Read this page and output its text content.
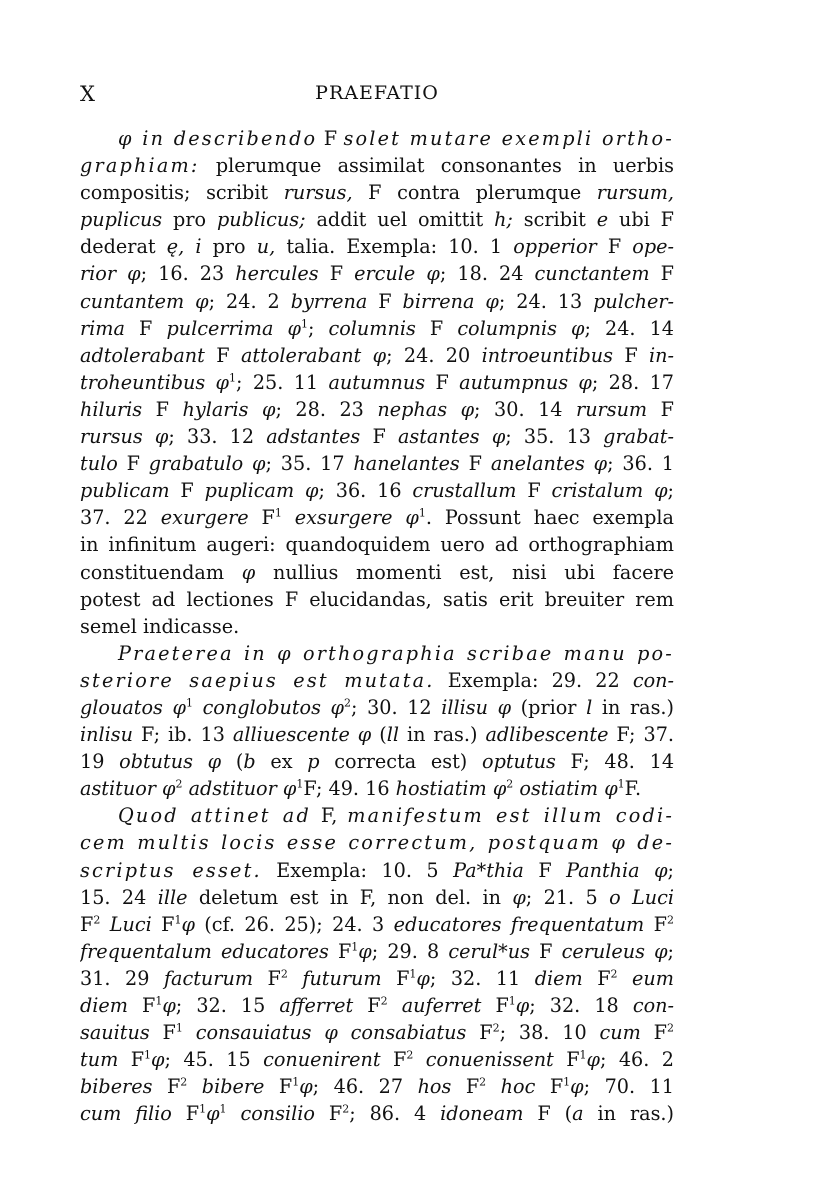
X	PRAEFATIO
φ in describendo F solet mutare exempli ortho-
graphiam: plerumque assimilat consonantes in uerbis
compositis; scribit rursus, F contra plerumque rursum,
puplicus pro publicus; addit uel omittit h; scribit e ubi F
dederat ę, i pro u, talia. Exempla: 10. 1 opperior F ope-
rior φ; 16. 23 hercules F ercule φ; 18. 24 cunctantem F
cuntantem φ; 24. 2 byrrena F birrena φ; 24. 13 pulcher-
rima F pulcerrima $\varphi^1$; columnis F columpnis φ; 24. 14
adtolerabant F attolerabant φ; 24. 20 introeuntibus F in-
troheuntibus $\varphi^1$; 25. 11 autumnus F autumpnus φ; 28. 17
hiluris F hylaris φ; 28. 23 nephas φ; 30. 14 rursum F
rursus φ; 33. 12 adstantes F astantes φ; 35. 13 grabat-
tulo F grabatulo φ; 35. 17 hanelantes F anelantes φ; 36. 1
publicam F puplicam φ; 36. 16 crustallum F cristalum φ;
37. 22 exurgere $F^1$ exsurgere $\varphi^1$. Possunt haec exempla
in infinitum augeri: quandoquidem uero ad orthographiam
constituendam φ nullius momenti est, nisi ubi facere
potest ad lectiones F elucidandas, satis erit breuiter rem
semel indicasse.
Praeterea in φ orthographia scribae manu po-
steriore saepius est mutata. Exempla: 29. 22 con-
glouatos $\varphi^1$ conglobutos $\varphi^2$; 30. 12 illisu φ (prior l in ras.)
inlisu F; ib. 13 alliuescente φ (ll in ras.) adlibescente F; 37.
19 obtutus φ (b ex p correcta est) optutus F; 48. 14
astituor $\varphi^2$ adstituor $\varphi^1F$; 49. 16 hostiatim $\varphi^2$ ostiatim $\varphi^1F$.
Quod attinet ad F, manifestum est illum codi-
cem multis locis esse correctum, postquam φ de-
scriptus esset. Exempla: 10. 5 Pa*thia F Panthia φ;
15. 24 ille deletum est in F, non del. in φ; 21. 5 o Luci
$F^2$ Luci $F^1\varphi$ (cf. 26. 25); 24. 3 educatores frequentatum $F^2$
frequentalum educatores $F^1\varphi$; 29. 8 cerul*us F ceruleus φ;
31. 29 facturum $F^2$ futurum $F^1\varphi$; 32. 11 diem $F^2$ eum
diem $F^1\varphi$; 32. 15 afferret $F^2$ auferret $F^1\varphi$; 32. 18 con-
sauitus $F^1$ consauiatus φ consabiatus $F^2$; 38. 10 cum $F^2$
tum $F^1\varphi$; 45. 15 conuenirent $F^2$ conuenissent $F^1\varphi$; 46. 2
biberes $F^2$ bibere $F^1\varphi$; 46. 27 hos $F^2$ hoc $F^1\varphi$; 70. 11
cum filio $F^1\varphi^1$ consilio $F^2$; 86. 4 idoneam F (a in ras.)
